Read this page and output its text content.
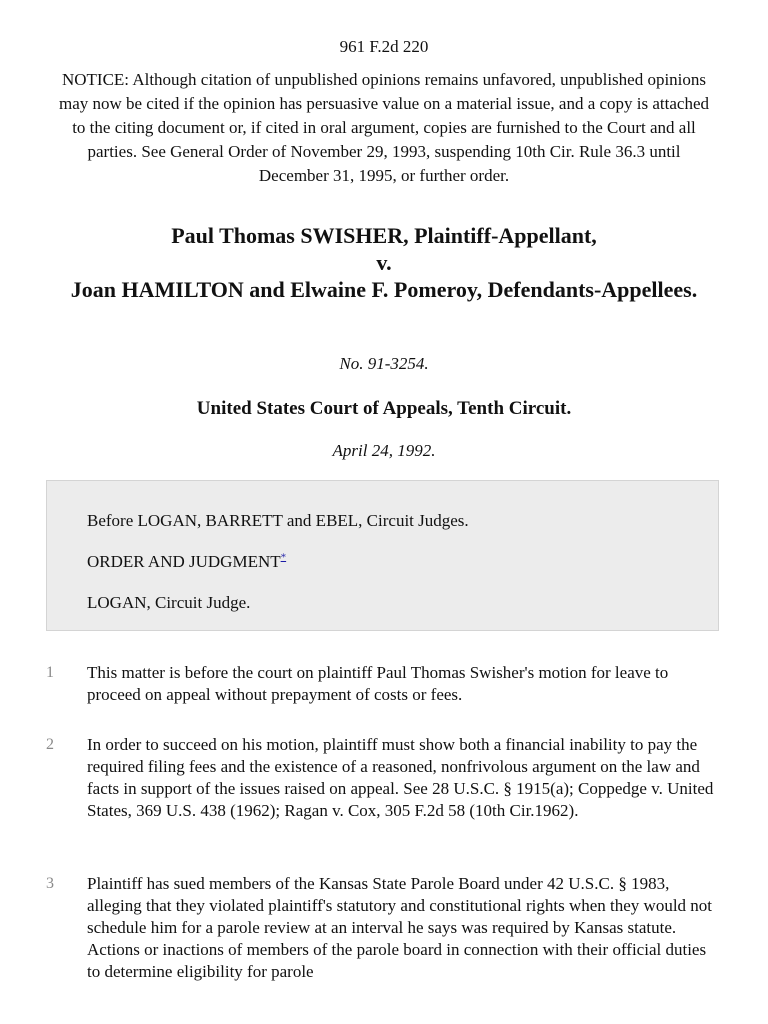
961 F.2d 220
NOTICE: Although citation of unpublished opinions remains unfavored, unpublished opinions may now be cited if the opinion has persuasive value on a material issue, and a copy is attached to the citing document or, if cited in oral argument, copies are furnished to the Court and all parties. See General Order of November 29, 1993, suspending 10th Cir. Rule 36.3 until December 31, 1995, or further order.
Paul Thomas SWISHER, Plaintiff-Appellant,
v.
Joan HAMILTON and Elwaine F. Pomeroy, Defendants-Appellees.
No. 91-3254.
United States Court of Appeals, Tenth Circuit.
April 24, 1992.
Before LOGAN, BARRETT and EBEL, Circuit Judges.
ORDER AND JUDGMENT*
LOGAN, Circuit Judge.
1	This matter is before the court on plaintiff Paul Thomas Swisher's motion for leave to proceed on appeal without prepayment of costs or fees.
2	In order to succeed on his motion, plaintiff must show both a financial inability to pay the required filing fees and the existence of a reasoned, nonfrivolous argument on the law and facts in support of the issues raised on appeal. See 28 U.S.C. § 1915(a); Coppedge v. United States, 369 U.S. 438 (1962); Ragan v. Cox, 305 F.2d 58 (10th Cir.1962).
3	Plaintiff has sued members of the Kansas State Parole Board under 42 U.S.C. § 1983, alleging that they violated plaintiff's statutory and constitutional rights when they would not schedule him for a parole review at an interval he says was required by Kansas statute. Actions or inactions of members of the parole board in connection with their official duties to determine eligibility for parole
